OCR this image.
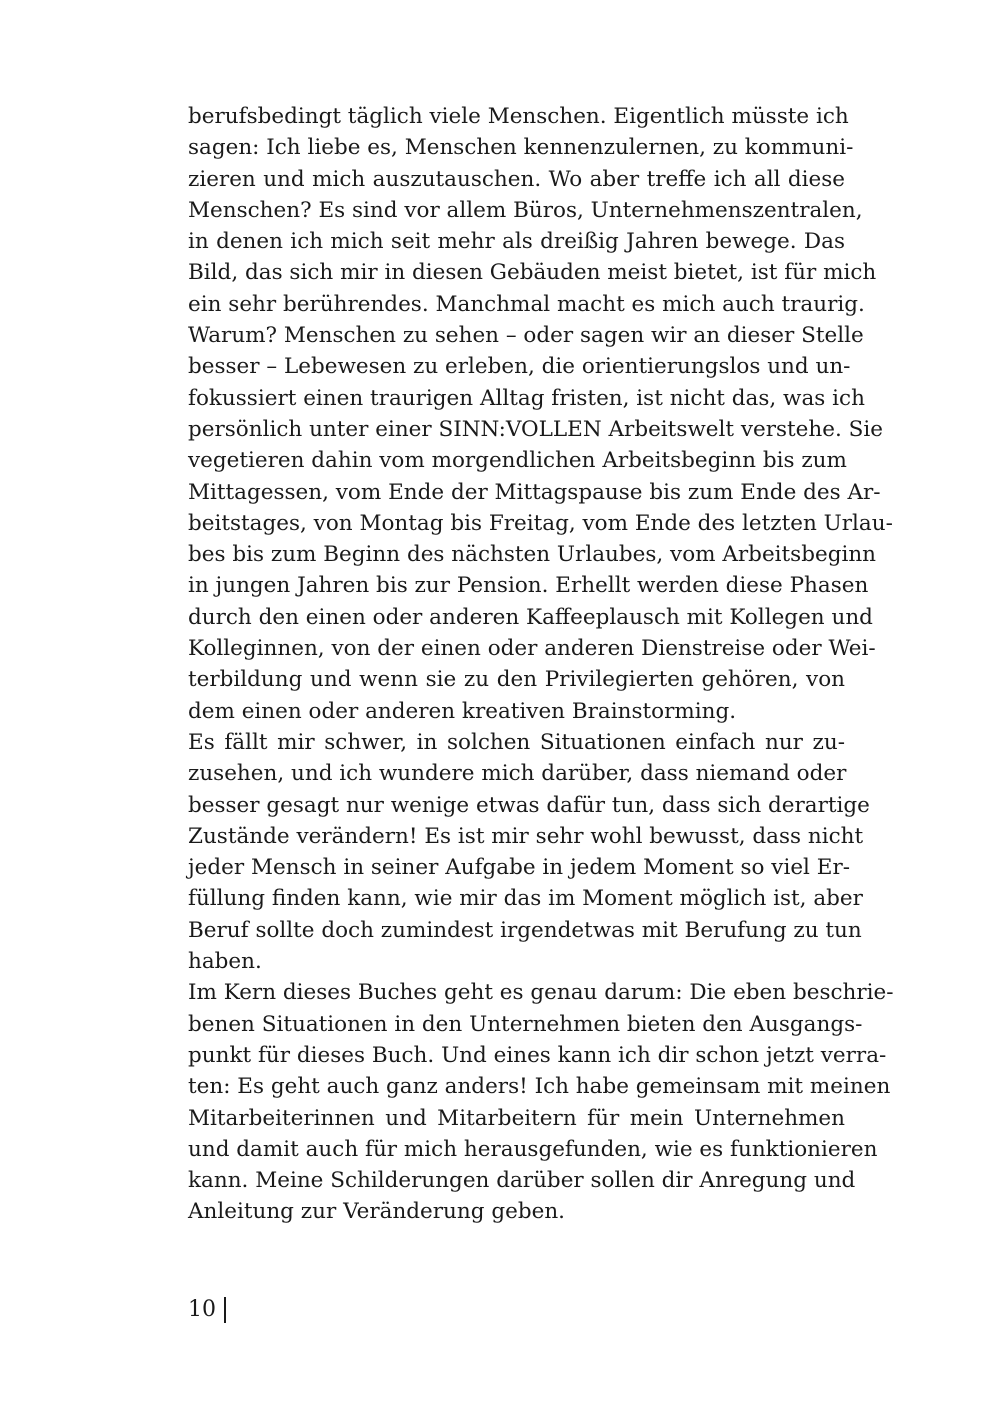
berufsbedingt täglich viele Menschen. Eigentlich müsste ich
sagen: Ich liebe es, Menschen kennenzulernen, zu kommuni-
zieren und mich auszutauschen. Wo aber treffe ich all diese
Menschen? Es sind vor allem Büros, Unternehmenszentralen,
in denen ich mich seit mehr als dreißig Jahren bewege. Das
Bild, das sich mir in diesen Gebäuden meist bietet, ist für mich
ein sehr berührendes. Manchmal macht es mich auch traurig.
Warum? Menschen zu sehen – oder sagen wir an dieser Stelle
besser – Lebewesen zu erleben, die orientierungslos und un-
fokussiert einen traurigen Alltag fristen, ist nicht das, was ich
persönlich unter einer SINN:VOLLEN Arbeitswelt verstehe. Sie
vegetieren dahin vom morgendlichen Arbeitsbeginn bis zum
Mittagessen, vom Ende der Mittagspause bis zum Ende des Ar-
beitstages, von Montag bis Freitag, vom Ende des letzten Urlau-
bes bis zum Beginn des nächsten Urlaubes, vom Arbeitsbeginn
in jungen Jahren bis zur Pension. Erhellt werden diese Phasen
durch den einen oder anderen Kaffeeplausch mit Kollegen und
Kolleginnen, von der einen oder anderen Dienstreise oder Wei-
terbildung und wenn sie zu den Privilegierten gehören, von
dem einen oder anderen kreativen Brainstorming.
Es fällt mir schwer, in solchen Situationen einfach nur zu-
zusehen, und ich wundere mich darüber, dass niemand oder
besser gesagt nur wenige etwas dafür tun, dass sich derartige
Zustände verändern! Es ist mir sehr wohl bewusst, dass nicht
jeder Mensch in seiner Aufgabe in jedem Moment so viel Er-
füllung finden kann, wie mir das im Moment möglich ist, aber
Beruf sollte doch zumindest irgendetwas mit Berufung zu tun
haben.
Im Kern dieses Buches geht es genau darum: Die eben beschrie-
benen Situationen in den Unternehmen bieten den Ausgangs-
punkt für dieses Buch. Und eines kann ich dir schon jetzt verra-
ten: Es geht auch ganz anders! Ich habe gemeinsam mit meinen
Mitarbeiterinnen und Mitarbeitern für mein Unternehmen
und damit auch für mich herausgefunden, wie es funktionieren
kann. Meine Schilderungen darüber sollen dir Anregung und
Anleitung zur Veränderung geben.
10
